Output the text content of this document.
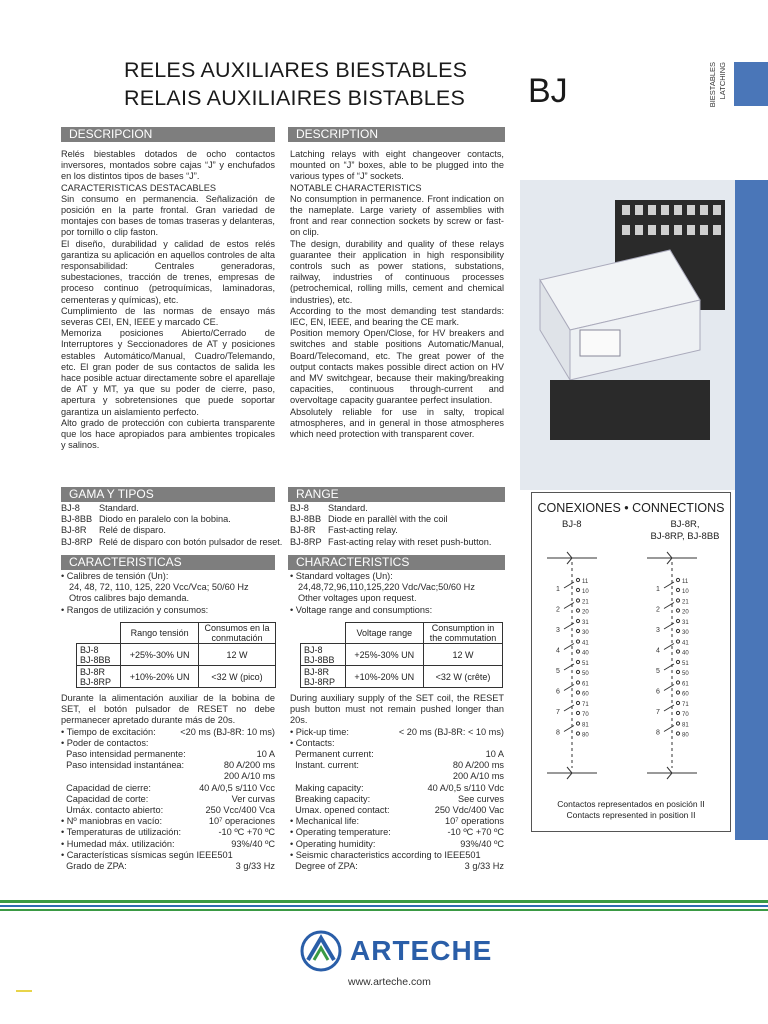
RELES AUXILIARES BIESTABLES
RELAIS AUXILIAIRES BISTABLES	BJ	BIESTABLES LATCHING
DESCRIPCION	DESCRIPTION
GAMA Y TIPOS	RANGE
CARACTERISTICAS	CHARACTERISTICS

Relés biestables dotados de ocho contactos inversores, montados sobre cajas “J” y enchufados en los distintos tipos de bases “J”.

CARACTERISTICAS DESTACABLES

Sin consumo en permanencia. Señalización de posición en la parte frontal. Gran variedad de montajes con bases de tomas traseras y delanteras, por tornillo o clip faston.

El diseño, durabilidad y calidad de estos relés garantiza su aplicación en aquellos controles de alta responsabilidad: Centrales generadoras, subestaciones, tracción de trenes, empresas de proceso continuo (petroquímicas, laminadoras, cementeras y químicas), etc.

Cumplimiento de las normas de ensayo más severas CEI, EN, IEEE y marcado CE.

Memoriza posiciones Abierto/Cerrado de Interruptores y Seccionadores de AT y posiciones estables Automático/Manual, Cuadro/Telemando, etc. El gran poder de sus contactos de salida les hace posible actuar directamente sobre el aparellaje de AT y MT, ya que su poder de cierre, paso, apertura y sobretensiones que puede soportar garantiza un aislamiento perfecto.

Alto grado de protección con cubierta transparente que los hace apropiados para ambientes tropicales y salinos.

Latching relays with eight changeover contacts, mounted on “J” boxes, able to be plugged into the various types of “J” sockets.

NOTABLE CHARACTERISTICS

No consumption in permanence. Front indication on the nameplate. Large variety of assemblies with front and rear connection sockets by screw or fast-on clip.

The design, durability and quality of these relays guarantee their application in high responsibility controls such as power stations, substations, railway, industries of continuous processes (petrochemical, rolling mills, cement and chemical industries), etc.

According to the most demanding test standards: IEC, EN, IEEE, and bearing the CE mark.

Position memory Open/Close, for HV breakers and switches and stable positions Automatic/Manual, Board/Telecomand, etc. The great power of the output contacts makes possible direct action on HV and MV switchgear, because their making/breaking capacities, continuous through-current and overvoltage capacity guarantee perfect insulation.

Absolutely reliable for use in salty, tropical atmospheres, and in general in those atmospheres which need protection with transparent cover.

BJ-8	Standard.
BJ-8BB Diodo en paralelo con la bobina.
BJ-8R	Relé de disparo.
BJ-8RP Relé de disparo con botón pulsador de reset.
BJ-8	Standard.
BJ-8BB Diode en parallèl with the coil
BJ-8R	Fast-acting relay.
BJ-8RP Fast-acting relay with reset push-button.
• Calibres de tensión (Un):
24, 48, 72, 110, 125, 220 Vcc/Vca; 50/60 Hz
Otros calibres bajo demanda.
• Rangos de utilización y consumos:
	Rango tensión	Consumos en la conmutación

BJ-8
BJ-8BB	+25%-30% UN	12 W

BJ-8R
BJ-8RP	+10%-20% UN	<32 W (pico)

Durante la alimentación auxiliar de la bobina de SET, el botón pulsador de RESET no debe permanecer apretado durante más de 20s.

• Tiempo de excitación:	<20 ms (BJ-8R: 10 ms)
• Poder de contactos:
Paso intensidad permanente:	10 A
Paso intensidad instantánea:	80 A/200 ms
200 A/10 ms
Capacidad de cierre:	40 A/0,5 s/110 Vcc
Capacidad de corte:	Ver curvas
Umáx. contacto abierto:	250 Vcc/400 Vca
• Nº maniobras en vacío:	10⁷ operaciones
• Temperaturas de utilización:	-10 ºC +70 ºC
• Humedad máx. utilización:	93%/40 ºC
• Características sísmicas según IEEE501
Grado de ZPA:	3 g/33 Hz
• Standard voltages (Un):
24,48,72,96,110,125,220 Vdc/Vac;50/60 Hz
Other voltages upon request.
• Voltage range and consumptions:
	Voltage range	Consumption in the commutation

BJ-8
BJ-8BB	+25%-30% UN	12 W

BJ-8R
BJ-8RP	+10%-20% UN	<32 W (crête)

During auxiliary supply of the SET coil, the RESET push button must not remain pushed longer than 20s.

• Pick-up time:	< 20 ms (BJ-8R: < 10 ms)
• Contacts:
Permanent current:	10 A
Instant. current:	80 A/200 ms
200 A/10 ms
Making capacity:	40 A/0,5 s/110 Vdc
Breaking capacity:	See curves
Umax. opened contact:	250 Vdc/400 Vac
• Mechanical life:	10⁷ operations
• Operating temperature:	-10 ºC +70 ºC
• Operating humidity:	93%/40 ºC
• Seismic characteristics according to IEEE501
Degree of ZPA:	3 g/33 Hz
CONEXIONES • CONNECTIONS
BJ-8	BJ-8R,
BJ-8RP, BJ-8BB
1
11
10
2
21
20
3
31
30
4
41
40
5
51
50
6
61
60
7
71
70
8
81
80
1
11
10
2
21
20
3
31
30
4
41
40
5
51
50
6
61
60
7
71
70
8
81
80
Contactos representados en posición II
Contacts represented in position II
ARTECHE
www.arteche.com
